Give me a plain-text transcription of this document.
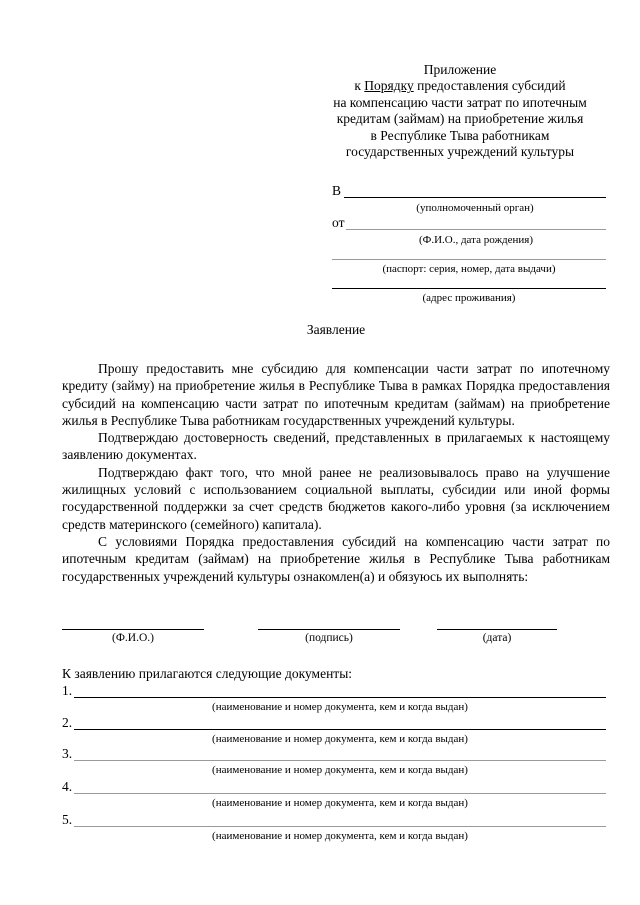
Приложение
к Порядку предоставления субсидий
на компенсацию части затрат по ипотечным
кредитам (займам) на приобретение жилья
в Республике Тыва работникам
государственных учреждений культуры
В
(уполномоченный орган)
от
(Ф.И.О., дата рождения)
(паспорт: серия, номер, дата выдачи)
(адрес проживания)
Заявление

Прошу предоставить мне субсидию для компенсации части затрат по ипотечному кредиту (займу) на приобретение жилья в Республике Тыва в рамках Порядка предоставления субсидий на компенсацию части затрат по ипотечным кредитам (займам) на приобретение жилья в Республике Тыва работникам государственных учреждений культуры.

Подтверждаю достоверность сведений, представленных в прилагаемых к настоящему заявлению документах.

Подтверждаю факт того, что мной ранее не реализовывалось право на улучшение жилищных условий с использованием социальной выплаты, субсидии или иной формы государственной поддержки за счет средств бюджетов какого-либо уровня (за исключением средств материнского (семейного) капитала).

С условиями Порядка предоставления субсидий на компенсацию части затрат по ипотечным кредитам (займам) на приобретение жилья в Республике Тыва работникам государственных учреждений культуры ознакомлен(а) и обязуюсь их выполнять:

(Ф.И.О.)	(подпись)	(дата)
К заявлению прилагаются следующие документы:
1.
(наименование и номер документа, кем и когда выдан)
2.
(наименование и номер документа, кем и когда выдан)
3.
(наименование и номер документа, кем и когда выдан)
4.
(наименование и номер документа, кем и когда выдан)
5.
(наименование и номер документа, кем и когда выдан)
